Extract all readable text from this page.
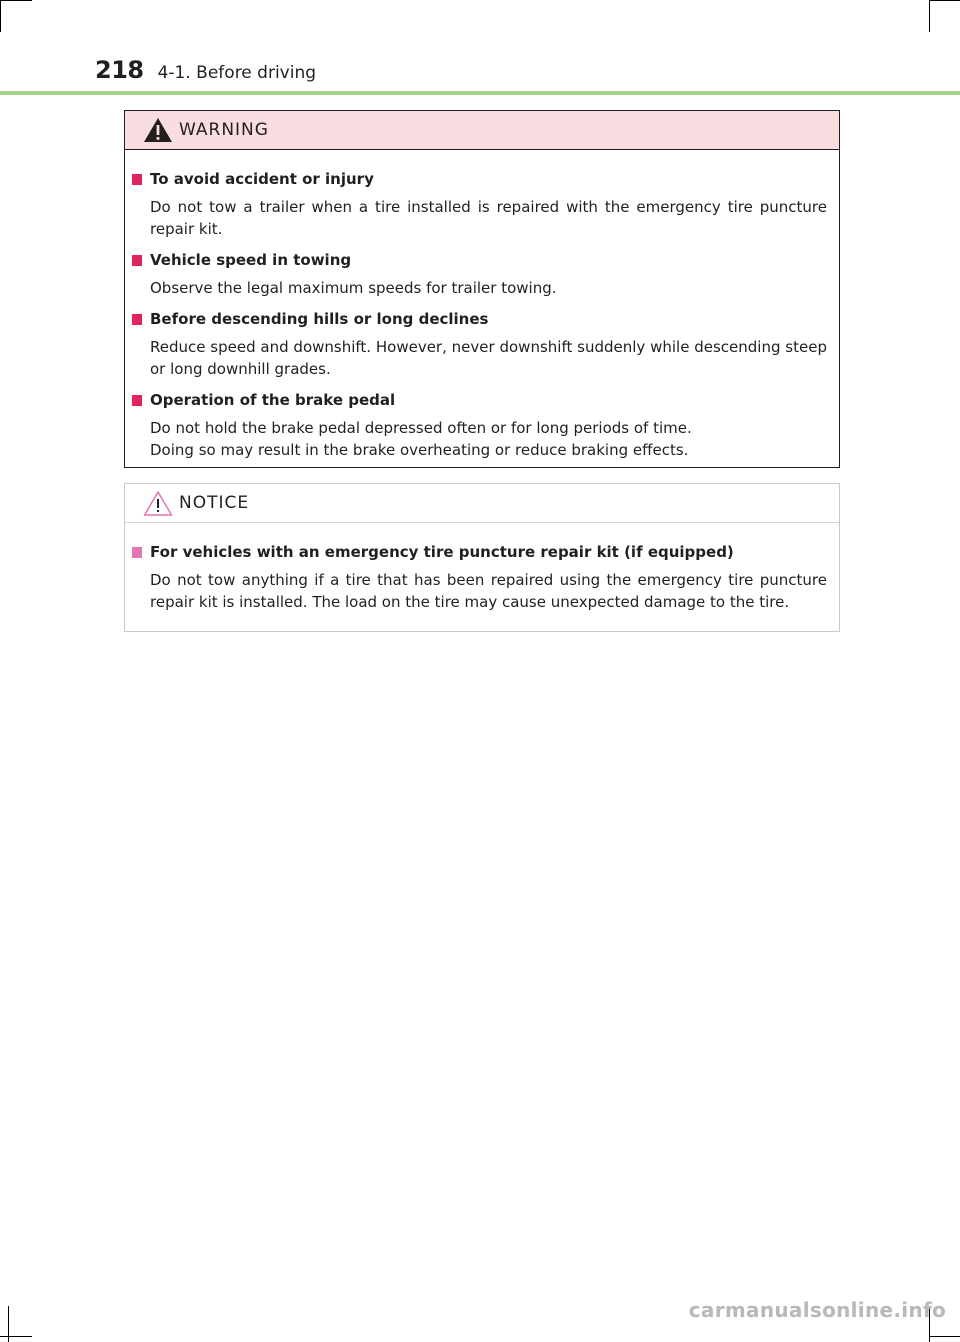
218 4-1. Before driving
WARNING
To avoid accident or injury
Do not tow a trailer when a tire installed is repaired with the emergency tire puncture repair kit.
Vehicle speed in towing
Observe the legal maximum speeds for trailer towing.
Before descending hills or long declines
Reduce speed and downshift. However, never downshift suddenly while descending steep or long downhill grades.
Operation of the brake pedal
Do not hold the brake pedal depressed often or for long periods of time.
Doing so may result in the brake overheating or reduce braking effects.
NOTICE
For vehicles with an emergency tire puncture repair kit (if equipped)
Do not tow anything if a tire that has been repaired using the emergency tire puncture repair kit is installed. The load on the tire may cause unexpected damage to the tire.
carmanualsonline.info
